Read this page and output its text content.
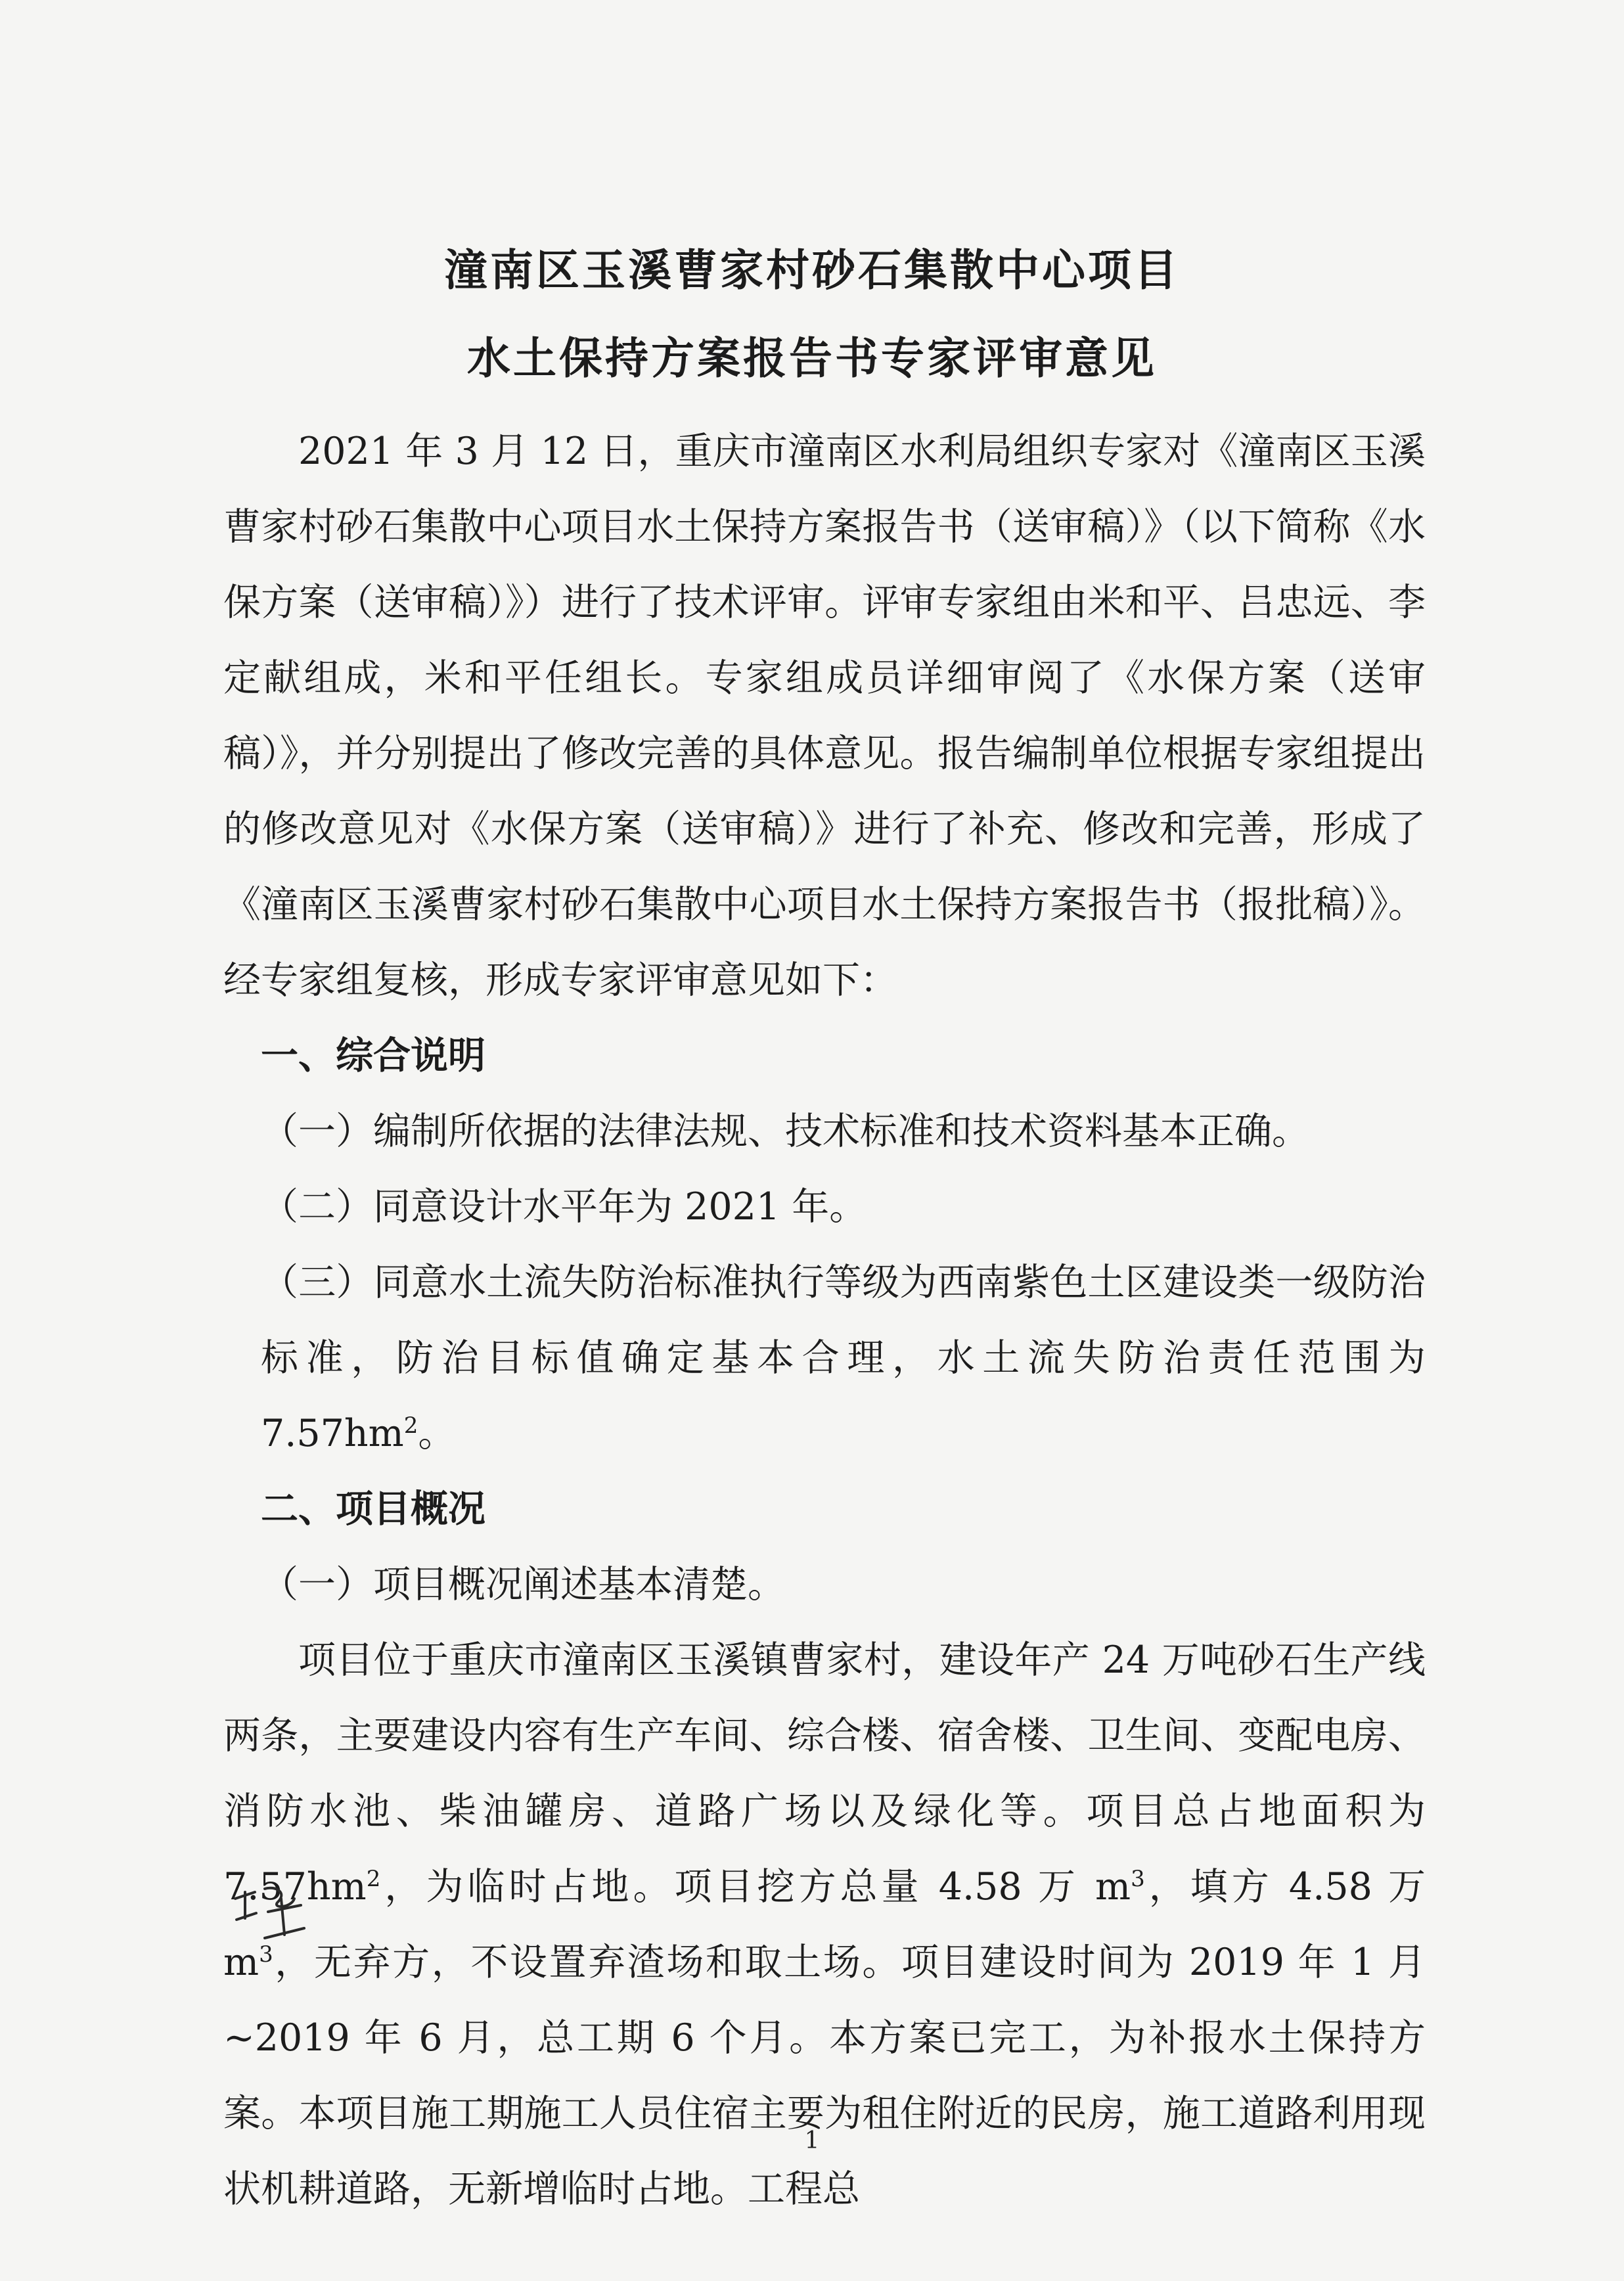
潼南区玉溪曹家村砂石集散中心项目
水土保持方案报告书专家评审意见

2021 年 3 月 12 日，重庆市潼南区水利局组织专家对《潼南区玉溪曹家村砂石集散中心项目水土保持方案报告书（送审稿）》（以下简称《水保方案（送审稿）》）进行了技术评审。评审专家组由米和平、吕忠远、李定献组成，米和平任组长。专家组成员详细审阅了《水保方案（送审稿）》，并分别提出了修改完善的具体意见。报告编制单位根据专家组提出的修改意见对《水保方案（送审稿）》进行了补充、修改和完善，形成了《潼南区玉溪曹家村砂石集散中心项目水土保持方案报告书（报批稿）》。经专家组复核，形成专家评审意见如下：

一、综合说明

（一）编制所依据的法律法规、技术标准和技术资料基本正确。

（二）同意设计水平年为 2021 年。

（三）同意水土流失防治标准执行等级为西南紫色土区建设类一级防治标准，防治目标值确定基本合理，水土流失防治责任范围为 $7.57hm^2$。

二、项目概况

（一）项目概况阐述基本清楚。

项目位于重庆市潼南区玉溪镇曹家村，建设年产 24 万吨砂石生产线两条，主要建设内容有生产车间、综合楼、宿舍楼、卫生间、变配电房、消防水池、柴油罐房、道路广场以及绿化等。项目总占地面积为 $7.57hm^2$，为临时占地。项目挖方总量 4.58 万 $m^3$，填方 4.58 万 $m^3$，无弃方，不设置弃渣场和取土场。项目建设时间为 2019 年 1 月~2019 年 6 月，总工期 6 个月。本方案已完工，为补报水土保持方案。本项目施工期施工人员住宿主要为租住附近的民房，施工道路利用现状机耕道路，无新增临时占地。工程总

1
